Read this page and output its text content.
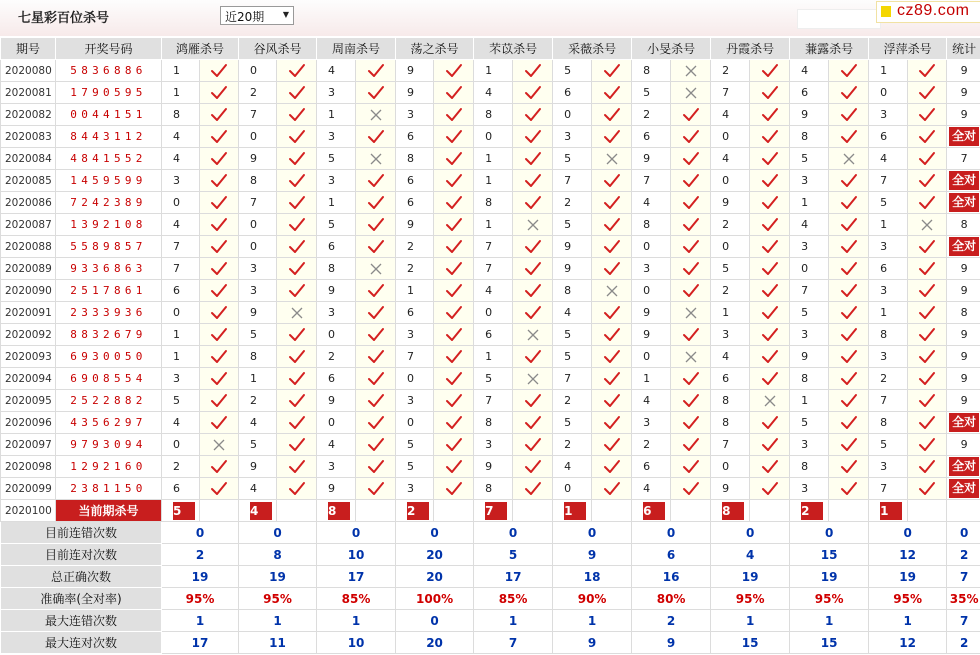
七星彩百位杀号	近20期 ▼	cz89.com
期号	开奖号码	鸿雁杀号		谷风杀号		周南杀号		荡之杀号		芣苡杀号		采薇杀号		小旻杀号		丹霞杀号		蒹露杀号		浮萍杀号		统计
2020080	5836886	1		0		4		9		1		5		8		2		4		1		9
2020081	1790595	1		2		3		9		4		6		5		7		6		0		9
2020082	0044151	8		7		1		3		8		0		2		4		9		3		9
2020083	8443112	4		0		3		6		0		3		6		0		8		6		全对

2020084	4841552	4		9		5		8		1		5		9		4		5		4		7
2020085	1459599	3		8		3		6		1		7		7		0		3		7		全对

2020086	7242389	0		7		1		6		8		2		4		9		1		5		全对

2020087	1392108	4		0		5		9		1		5		8		2		4		1		8
2020088	5589857	7		0		6		2		7		9		0		0		3		3		全对

2020089	9336863	7		3		8		2		7		9		3		5		0		6		9
2020090	2517861	6		3		9		1		4		8		0		2		7		3		9
2020091	2333936	0		9		3		6		0		4		9		1		5		1		8
2020092	8832679	1		5		0		3		6		5		9		3		3		8		9
2020093	6930050	1		8		2		7		1		5		0		4		9		3		9
2020094	6908554	3		1		6		0		5		7		1		6		8		2		9
2020095	2522882	5		2		9		3		7		2		4		8		1		7		9
2020096	4356297	4		4		0		0		8		5		3		8		5		8		全对

2020097	9793094	0		5		4		5		3		2		2		7		3		5		9
2020098	1292160	2		9		3		5		9		4		6		0		8		3		全对

2020099	2381150	6		4		9		3		8		0		4		9		3		7		全对

2020100	当前期杀号	5		4		8		2		7		1		6		8		2		1		
目前连错次数		0		0		0		0		0		0		0		0		0		0		0
目前连对次数		2		8		10		20		5		9		6		4		15		12		2
总正确次数		19		19		17		20		17		18		16		19		19		19		7
准确率(全对率)		95%		95%		85%		100%		85%		90%		80%		95%		95%		95%		35%
最大连错次数		1		1		1		0		1		1		2		1		1		1		7
最大连对次数		17		11		10		20		7		9		9		15		15		12		2
